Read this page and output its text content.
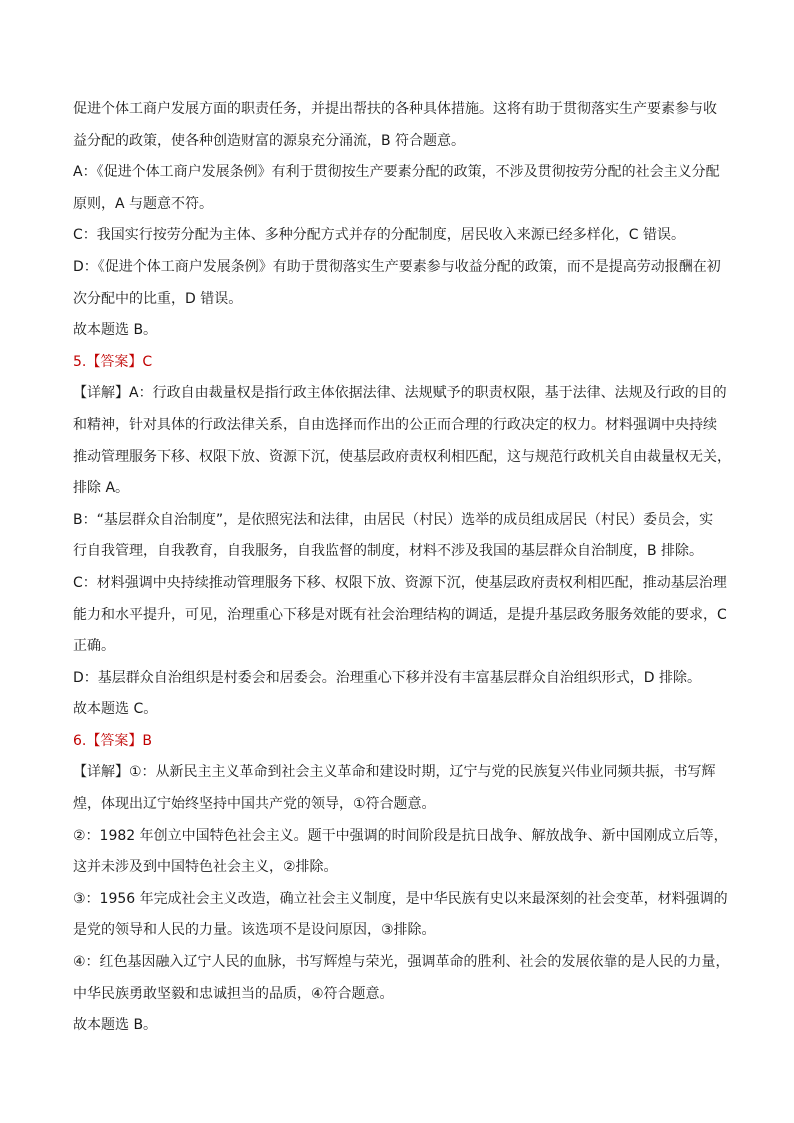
促进个体工商户发展方面的职责任务，并提出帮扶的各种具体措施。这将有助于贯彻落实生产要素参与收
益分配的政策，使各种创造财富的源泉充分涌流，B 符合题意。
A：《促进个体工商户发展条例》有利于贯彻按生产要素分配的政策，不涉及贯彻按劳分配的社会主义分配
原则，A 与题意不符。
C：我国实行按劳分配为主体、多种分配方式并存的分配制度，居民收入来源已经多样化，C 错误。
D：《促进个体工商户发展条例》有助于贯彻落实生产要素参与收益分配的政策，而不是提高劳动报酬在初
次分配中的比重，D 错误。
故本题选 B。
5.【答案】C
【详解】A：行政自由裁量权是指行政主体依据法律、法规赋予的职责权限，基于法律、法规及行政的目的
和精神，针对具体的行政法律关系，自由选择而作出的公正而合理的行政决定的权力。材料强调中央持续
推动管理服务下移、权限下放、资源下沉，使基层政府责权利相匹配，这与规范行政机关自由裁量权无关，
排除 A。
B：“基层群众自治制度”，是依照宪法和法律，由居民（村民）选举的成员组成居民（村民）委员会，实
行自我管理，自我教育，自我服务，自我监督的制度，材料不涉及我国的基层群众自治制度，B 排除。
C：材料强调中央持续推动管理服务下移、权限下放、资源下沉，使基层政府责权利相匹配，推动基层治理
能力和水平提升，可见，治理重心下移是对既有社会治理结构的调适，是提升基层政务服务效能的要求，C
正确。
D：基层群众自治组织是村委会和居委会。治理重心下移并没有丰富基层群众自治组织形式，D 排除。
故本题选 C。
6.【答案】B
【详解】①：从新民主主义革命到社会主义革命和建设时期，辽宁与党的民族复兴伟业同频共振，书写辉
煌，体现出辽宁始终坚持中国共产党的领导，①符合题意。
②：1982 年创立中国特色社会主义。题干中强调的时间阶段是抗日战争、解放战争、新中国刚成立后等，
这并未涉及到中国特色社会主义，②排除。
③：1956 年完成社会主义改造，确立社会主义制度，是中华民族有史以来最深刻的社会变革，材料强调的
是党的领导和人民的力量。该选项不是设问原因，③排除。
④：红色基因融入辽宁人民的血脉，书写辉煌与荣光，强调革命的胜利、社会的发展依靠的是人民的力量，
中华民族勇敢坚毅和忠诚担当的品质，④符合题意。
故本题选 B。
